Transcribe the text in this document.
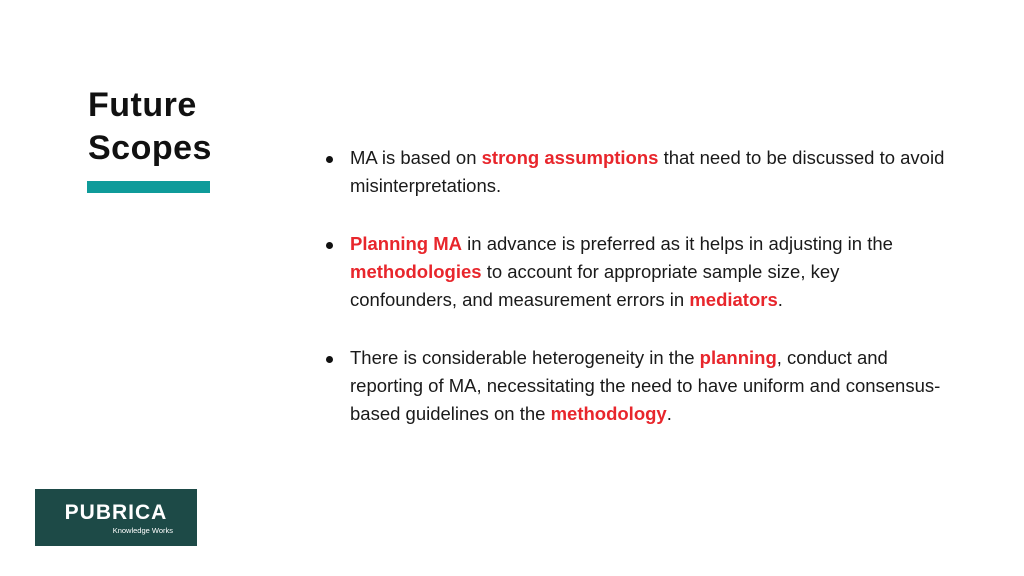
Future
Scopes	MA is based on strong assumptions that need to be discussed to avoid misinterpretations.
Planning MA in advance is preferred as it helps in adjusting in the methodologies to account for appropriate sample size, key confounders, and measurement errors in mediators.
There is considerable heterogeneity in the planning, conduct and reporting of MA, necessitating the need to have uniform and consensus-based guidelines on the methodology.
PUBRICA
Knowledge Works
